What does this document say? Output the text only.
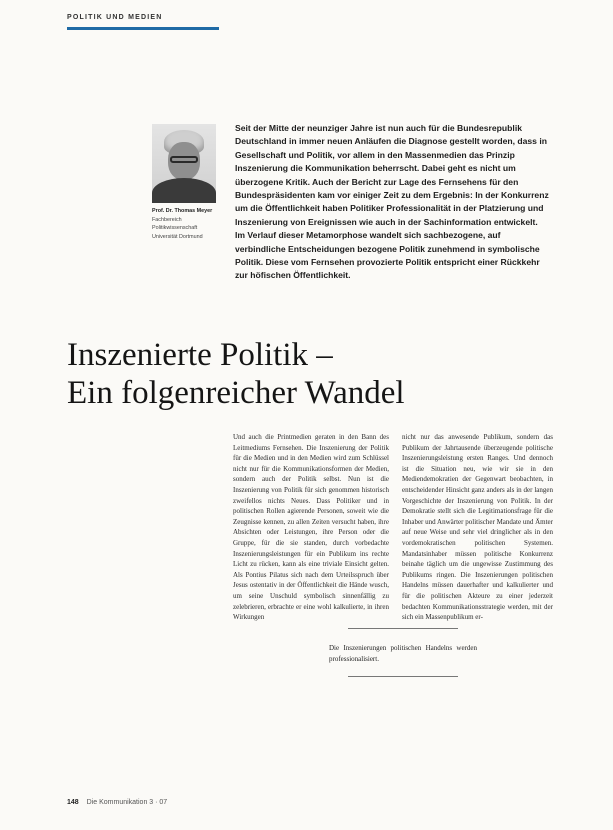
POLITIK UND MEDIEN
Prof. Dr. Thomas Meyer
Fachbereich Politikwissenschaft Universität Dortmund

Seit der Mitte der neunziger Jahre ist nun auch für die Bundesrepublik Deutschland in immer neuen Anläufen die Diagnose gestellt worden, dass in Gesellschaft und Politik, vor allem in den Massenmedien das Prinzip Inszenierung die Kommunikation beherrscht. Dabei geht es nicht um überzogene Kritik. Auch der Bericht zur Lage des Fernsehens für den Bundespräsidenten kam vor einiger Zeit zu dem Ergebnis: In der Konkurrenz um die Öffentlichkeit haben Politiker Professionalität in der Platzierung und Inszenierung von Ereignissen wie auch in der Sachinformation entwickelt. Im Verlauf dieser Metamorphose wandelt sich sachbezogene, auf verbindliche Entscheidungen bezogene Politik zunehmend in symbolische Politik. Diese vom Fernsehen provozierte Politik entspricht einer Rückkehr zur höfischen Öffentlichkeit.

Inszenierte Politik –
Ein folgenreicher Wandel

Und auch die Printmedien geraten in den Bann des Leitmediums Fernsehen. Die Inszenierung der Politik für die Medien und in den Medien wird zum Schlüssel nicht nur für die Kommunikationsformen der Medien, sondern auch der Politik selbst. Nun ist die Inszenierung von Politik für sich genommen historisch zweifellos nichts Neues. Dass Politiker und in politischen Rollen agierende Personen, soweit wie die Zeugnisse kennen, zu allen Zeiten versucht haben, ihre Absichten oder Leistungen, ihre Person oder die Gruppe, für die sie standen, durch vorbedachte Inszenierungsleistungen für ein Publikum ins rechte Licht zu rücken, kann als eine triviale Einsicht gelten. Als Pontius Pilatus sich nach dem Urteilsspruch über Jesus ostentativ in der Öffentlichkeit die Hände wusch, um seine Unschuld symbolisch sinnenfällig zu zelebrieren, erbrachte er eine wohl kalkulierte, in ihren Wirkungen

nicht nur das anwesende Publikum, sondern das Publikum der Jahrtausende überzeugende politische Inszenierungsleistung ersten Ranges. Und dennoch ist die Situation neu, wie wir sie in den Mediendemokratien der Gegenwart beobachten, in entscheidender Hinsicht ganz anders als in der langen Vorgeschichte der Inszenierung von Politik. In der Demokratie stellt sich die Legitimationsfrage für die Inhaber und Anwärter politischer Mandate und Ämter auf neue Weise und sehr viel dringlicher als in den vordemokratischen politischen Systemen. Mandatsinhaber müssen politische Konkurrenz beinahe täglich um die ungewisse Zustimmung des Publikums ringen. Die Inszenierungen politischen Handelns müssen dauerhafter und kalkulierter und für die politischen Akteure zu einer jederzeit bedachten Kommunikationsstrategie werden, mit der sich ein Massenpublikum er-

Die Inszenierungen politischen Handelns werden professionalisiert.

148 Die Kommunikation 3 · 07
